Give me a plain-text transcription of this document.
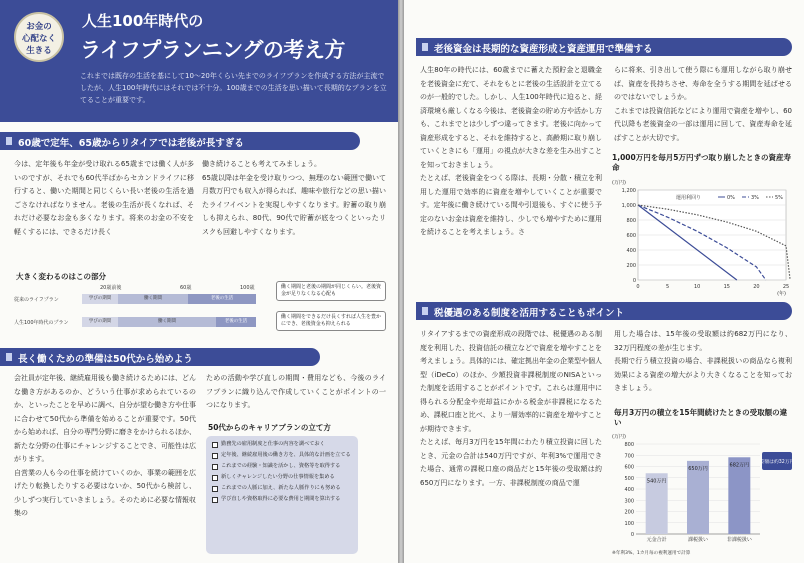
お金の
心配なく
生きる
人生100年時代の
ライフプランニングの考え方
これまでは既存の生活を基にして10～20年くらい先までのライフプランを作成する方法が主流でしたが、人生100年時代にはそれでは不十分。100歳までの生活を思い描いて長期的なプランを立てることが重要です。
60歳で定年、65歳からリタイアでは老後が長すぎる
今は、定年後も年金が受け取れる65歳までは働く人が多いのですが、それでも60代半ばからセカンドライフに移行すると、働いた期間と同じくらい長い老後の生活を過ごさなければなりません。老後の生活が長くなれば、それだけ必要なお金も多くなります。将来のお金の不安を軽くするには、できるだけ長く
働き続けることも考えてみましょう。
65歳以降は年金を受け取りつつ、無理のない範囲で働いて月数万円でも収入が得られば、趣味や旅行などの思い描いたライフイベントを実現しやすくなります。貯蓄の取り崩しも抑えられ、80代、90代で貯蓄が底をつくといったリスクも回避しやすくなります。
大きく変わるのはこの部分
20歳前後	60歳	100歳
従来のライフプラン	学びの期間	働く期間	老後の生活
人生100年時代のプラン	学びの期間	働く期間	老後の生活
働く期間と老後の期間が同じくらい。老後資金が足りなくなる心配も
働く期間をできるだけ長くすれば人生を豊かにでき、老後資金も抑えられる
長く働くための準備は50代から始めよう
会社員が定年後、継続雇用後も働き続けるためには、どんな働き方があるのか、どういう仕事が求められているのか、といったことを早めに調べ、自分が望む働き方や仕事に合わせて50代から準備を始めることが重要です。50代から始めれば、自分の専門分野に磨きをかけられるほか、新たな分野の仕事にチャレンジすることでき、可能性は広がります。
自営業の人も今の仕事を続けていくのか、事業の範囲を広げたり転換したりする必要はないか、50代から検討し、少しずつ実行していきましょう。そのために必要な情報収集の
ための活動や学び直しの期間・費用なども、今後のライフプランに織り込んで作成していくことがポイントの一つになります。
50代からのキャリアプランの立て方
勤務先の雇用制度と仕事の内容を調べておく
定年後、継続雇用後の働き方を、具体的な計画を立てる
これまでの経験・知識を活かし、資格等を取得する
新しくチャレンジしたい分野の仕事情報を集める
これまでの人脈に加え、新たな人脈作りにも努める
学び直しや資格取得に必要な費用と期間を算出する
老後資金は長期的な資産形成と資産運用で準備する
人生80年の時代には、60歳までに蓄えた預貯金と退職金を老後資金に充て、それをもとに老後の生活設計を立てるのが一般的でした。しかし、人生100年時代に迫ると、経済環境も厳しくなる今後は、老後資金の貯め方や活かし方も、これまでとは少しずつ違ってきます。老後に向かって資産形成をすると、それを維持すると、高齢期に取り崩していくときにも「運用」の視点が大きな差を生み出すことを知っておきましょう。
たとえば、老後資金をつくる際は、長期・分散・積立を利用した運用で効率的に資産を増やしていくことが重要です。定年後に働き続けている間や引退後も、すぐに使う予定のないお金は資産を維持し、少しでも増やすために運用を続けることを考えましょう。さ
らに将来、引き出して使う際にも運用しながら取り崩せば、資産を長持ちさせ、寿命を全うする期間を延ばせるのではないでしょうか。
これまでは投資信託などにより運用で資産を増やし、60代以降も老後資金の一部は運用に回して、資産寿命を延ばすことが大切です。
1,000万円を毎月5万円ずつ取り崩したときの資産寿命
(万円)
0
200
400
600
800
1,000
1,200
0	5	10	15	20	25
(年)
運用利回り	0%	3%	5%
税優遇のある制度を活用することもポイント
リタイアするまでの資産形成の段階では、税優遇のある制度を利用した、投資信託の積立などで資産を増やすことを考えましょう。具体的には、確定拠出年金の企業型や個人型（iDeCo）のほか、少額投資非課税制度のNISAといった制度を活用することがポイントです。これらは運用中に得られる分配金や売却益にかかる税金が非課税になるため、課税口座と比べ、より一層効率的に資産を増やすことが期待できます。
たとえば、毎月3万円を15年間にわたり積立投資に回したとき、元金の合計は540万円ですが、年利3%で運用できた場合、通常の課税口座の商品だと15年後の受取額は約650万円になります。一方、非課税制度の商品で運
用した場合は、15年後の受取額は約682万円になり、32万円程度の差が生じます。
長期で行う積立投資の場合、非課税扱いの商品なら複利効果による資産の増大がより大きくなることを知っておきましょう。
毎月3万円の積立を15年間続けたときの受取額の違い
(万円)
0
100
200
300
400
500
600
700
800
540万円
元金合計
650万円
課税扱い
682万円
非課税扱い
差額は約32万円
※年利3%、1カ月毎の複利運用で計算
